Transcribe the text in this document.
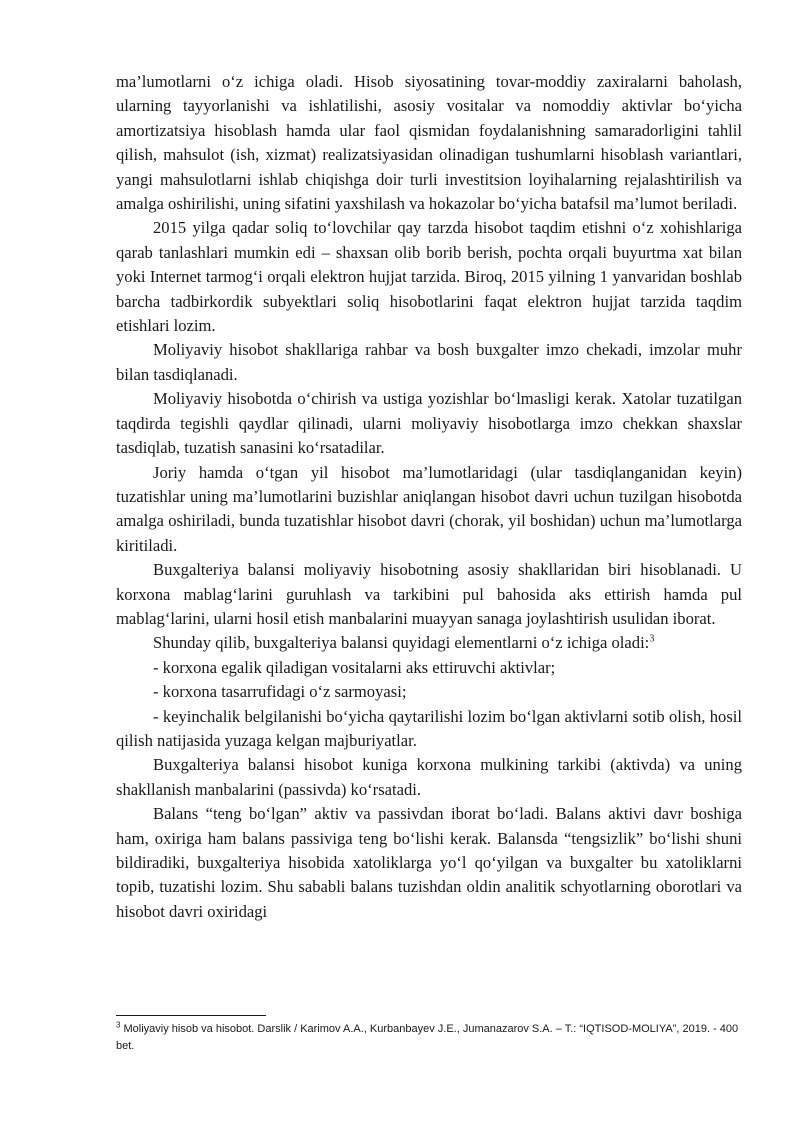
ma’lumotlarni o‘z ichiga oladi. Hisob siyosatining tovar-moddiy zaxiralarni baholash, ularning tayyorlanishi va ishlatilishi, asosiy vositalar va nomoddiy aktivlar bo‘yicha amortizatsiya hisoblash hamda ular faol qismidan foydalanishning samaradorligini tahlil qilish, mahsulot (ish, xizmat) realizatsiyasidan olinadigan tushumlarni hisoblash variantlari, yangi mahsulotlarni ishlab chiqishga doir turli investitsion loyihalarning rejalashtirilish va amalga oshirilishi, uning sifatini yaxshilash va hokazolar bo‘yicha batafsil ma’lumot beriladi.

2015 yilga qadar soliq to‘lovchilar qay tarzda hisobot taqdim etishni o‘z xohishlariga qarab tanlashlari mumkin edi – shaxsan olib borib berish, pochta orqali buyurtma xat bilan yoki Internet tarmog‘i orqali elektron hujjat tarzida. Biroq, 2015 yilning 1 yanvaridan boshlab barcha tadbirkordik subyektlari soliq hisobotlarini faqat elektron hujjat tarzida taqdim etishlari lozim.

Moliyaviy hisobot shakllariga rahbar va bosh buxgalter imzo chekadi, imzolar muhr bilan tasdiqlanadi.

Moliyaviy hisobotda o‘chirish va ustiga yozishlar bo‘lmasligi kerak. Xatolar tuzatilgan taqdirda tegishli qaydlar qilinadi, ularni moliyaviy hisobotlarga imzo chekkan shaxslar tasdiqlab, tuzatish sanasini ko‘rsatadilar.

Joriy hamda o‘tgan yil hisobot ma’lumotlaridagi (ular tasdiqlanganidan keyin) tuzatishlar uning ma’lumotlarini buzishlar aniqlangan hisobot davri uchun tuzilgan hisobotda amalga oshiriladi, bunda tuzatishlar hisobot davri (chorak, yil boshidan) uchun ma’lumotlarga kiritiladi.

Buxgalteriya balansi moliyaviy hisobotning asosiy shakllaridan biri hisoblanadi. U korxona mablag‘larini guruhlash va tarkibini pul bahosida aks ettirish hamda pul mablag‘larini, ularni hosil etish manbalarini muayyan sanaga joylashtirish usulidan iborat.

Shunday qilib, buxgalteriya balansi quyidagi elementlarni o‘z ichiga oladi:$^3$

- korxona egalik qiladigan vositalarni aks ettiruvchi aktivlar;

- korxona tasarrufidagi o‘z sarmoyasi;

- keyinchalik belgilanishi bo‘yicha qaytarilishi lozim bo‘lgan aktivlarni sotib olish, hosil qilish natijasida yuzaga kelgan majburiyatlar.

Buxgalteriya balansi hisobot kuniga korxona mulkining tarkibi (aktivda) va uning shakllanish manbalarini (passivda) ko‘rsatadi.

Balans “teng bo‘lgan” aktiv va passivdan iborat bo‘ladi. Balans aktivi davr boshiga ham, oxiriga ham balans passiviga teng bo‘lishi kerak. Balansda “tengsizlik” bo‘lishi shuni bildiradiki, buxgalteriya hisobida xatoliklarga yo‘l qo‘yilgan va buxgalter bu xatoliklarni topib, tuzatishi lozim. Shu sababli balans tuzishdan oldin analitik schyotlarning oborotlari va hisobot davri oxiridagi

$^3$ Moliyaviy hisob va hisobot. Darslik / Karimov A.A., Kurbanbayev J.E., Jumanazarov S.A. – T.: “IQTISOD-MOLIYA”, 2019. - 400 bet.
